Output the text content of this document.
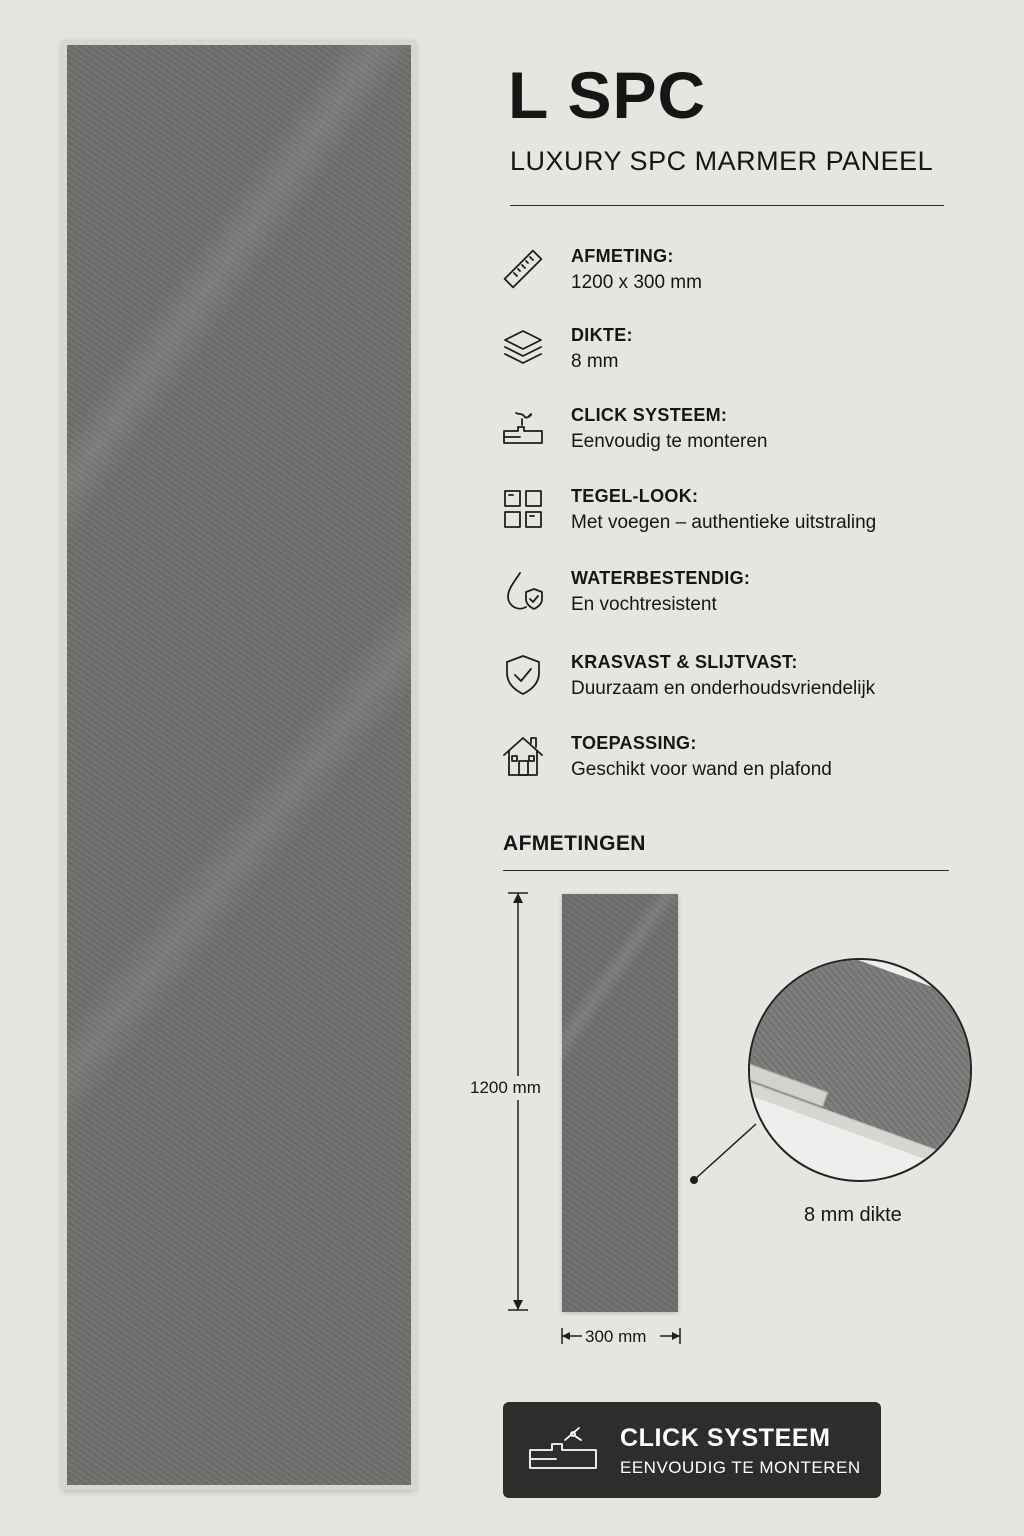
L SPC
LUXURY SPC MARMER PANEEL
AFMETING:
1200 x 300 mm
DIKTE:
8 mm
CLICK SYSTEEM:
Eenvoudig te monteren
TEGEL-LOOK:
Met voegen – authentieke uitstraling
WATERBESTENDIG:
En vochtresistent
KRASVAST & SLIJTVAST:
Duurzaam en onderhoudsvriendelijk
TOEPASSING:
Geschikt voor wand en plafond
AFMETINGEN
1200 mm
300 mm
8 mm dikte
CLICK SYSTEEM
EENVOUDIG TE MONTEREN
